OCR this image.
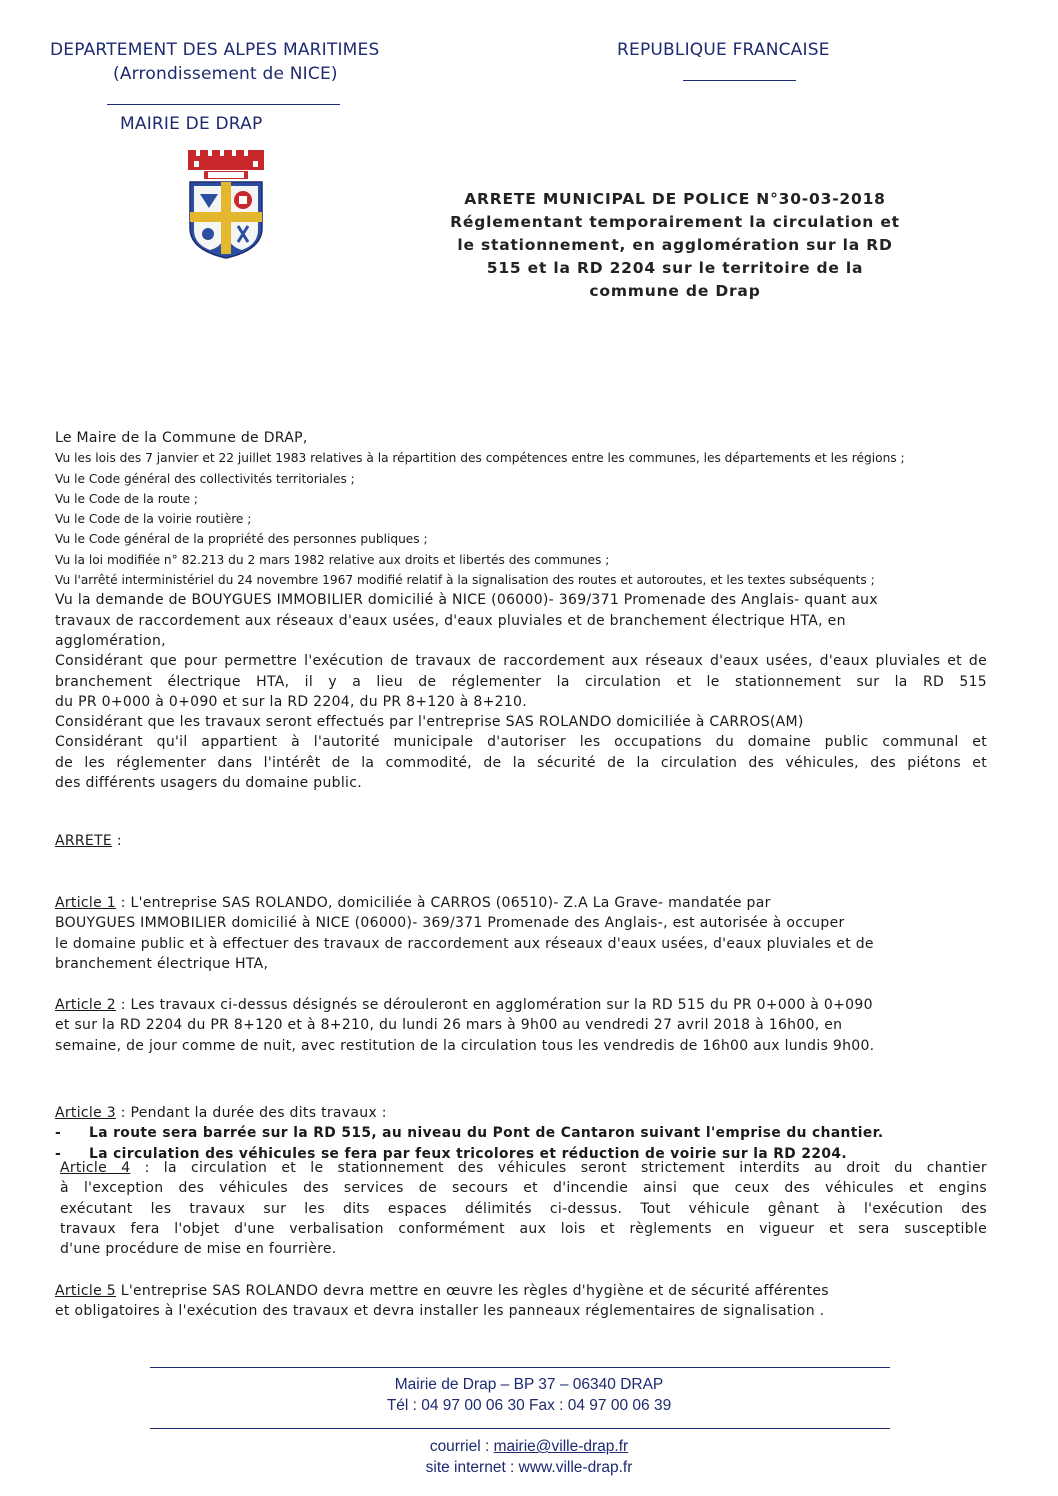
DEPARTEMENT DES ALPES MARITIMES
(Arrondissement de NICE)
MAIRIE DE DRAP
REPUBLIQUE FRANCAISE
ARRETE MUNICIPAL DE POLICE N°30-03-2018
Réglementant temporairement la circulation et
le stationnement, en agglomération sur la RD
515 et la RD 2204 sur le territoire de la
commune de Drap
Le Maire de la Commune de DRAP,
Vu les lois des 7 janvier et 22 juillet 1983 relatives à la répartition des compétences entre les communes, les départements et les régions ;
Vu le Code général des collectivités territoriales ;
Vu le Code de la route ;
Vu le Code de la voirie routière ;
Vu le Code général de la propriété des personnes publiques ;
Vu la loi modifiée n° 82.213 du 2 mars 1982 relative aux droits et libertés des communes ;
Vu l'arrêté interministériel du 24 novembre 1967 modifié relatif à la signalisation des routes et autoroutes, et les textes subséquents ;
Vu la demande de BOUYGUES IMMOBILIER domicilié à NICE (06000)- 369/371 Promenade des Anglais- quant aux
travaux de raccordement aux réseaux d'eaux usées, d'eaux pluviales et de branchement électrique HTA, en
agglomération,
Considérant que pour permettre l'exécution de travaux de raccordement aux réseaux d'eaux usées, d'eaux pluviales et de
branchement électrique HTA, il y a lieu de réglementer la circulation et le stationnement sur la RD 515
du PR 0+000 à 0+090 et sur la RD 2204, du PR 8+120 à 8+210.
Considérant que les travaux seront effectués par l'entreprise SAS ROLANDO domiciliée à CARROS(AM)
Considérant qu'il appartient à l'autorité municipale d'autoriser les occupations du domaine public communal et
de les réglementer dans l'intérêt de la commodité, de la sécurité de la circulation des véhicules, des piétons et
des différents usagers du domaine public.
ARRETE :
Article 1 : L'entreprise SAS ROLANDO, domiciliée à CARROS (06510)- Z.A La Grave- mandatée par
BOUYGUES IMMOBILIER domicilié à NICE (06000)- 369/371 Promenade des Anglais-, est autorisée à occuper
le domaine public et à effectuer des travaux de raccordement aux réseaux d'eaux usées, d'eaux pluviales et de
branchement électrique HTA,
Article 2 : Les travaux ci-dessus désignés se dérouleront en agglomération sur la RD 515 du PR 0+000 à 0+090
et sur la RD 2204 du PR 8+120 et à 8+210, du lundi 26 mars à 9h00 au vendredi 27 avril 2018 à 16h00, en
semaine, de jour comme de nuit, avec restitution de la circulation tous les vendredis de 16h00 aux lundis 9h00.
Article 3 : Pendant la durée des dits travaux :
- La route sera barrée sur la RD 515, au niveau du Pont de Cantaron suivant l'emprise du chantier.
- La circulation des véhicules se fera par feux tricolores et réduction de voirie sur la RD 2204.
Article 4 : la circulation et le stationnement des véhicules seront strictement interdits au droit du chantier
à l'exception des véhicules des services de secours et d'incendie ainsi que ceux des véhicules et engins
exécutant les travaux sur les dits espaces délimités ci-dessus. Tout véhicule gênant à l'exécution des
travaux fera l'objet d'une verbalisation conformément aux lois et règlements en vigueur et sera susceptible
d'une procédure de mise en fourrière.
Article 5 L'entreprise SAS ROLANDO devra mettre en œuvre les règles d'hygiène et de sécurité afférentes
et obligatoires à l'exécution des travaux et devra installer les panneaux réglementaires de signalisation .
Mairie de Drap – BP 37 – 06340 DRAP
Tél : 04 97 00 06 30 Fax : 04 97 00 06 39
courriel : mairie@ville-drap.fr
site internet : www.ville-drap.fr
